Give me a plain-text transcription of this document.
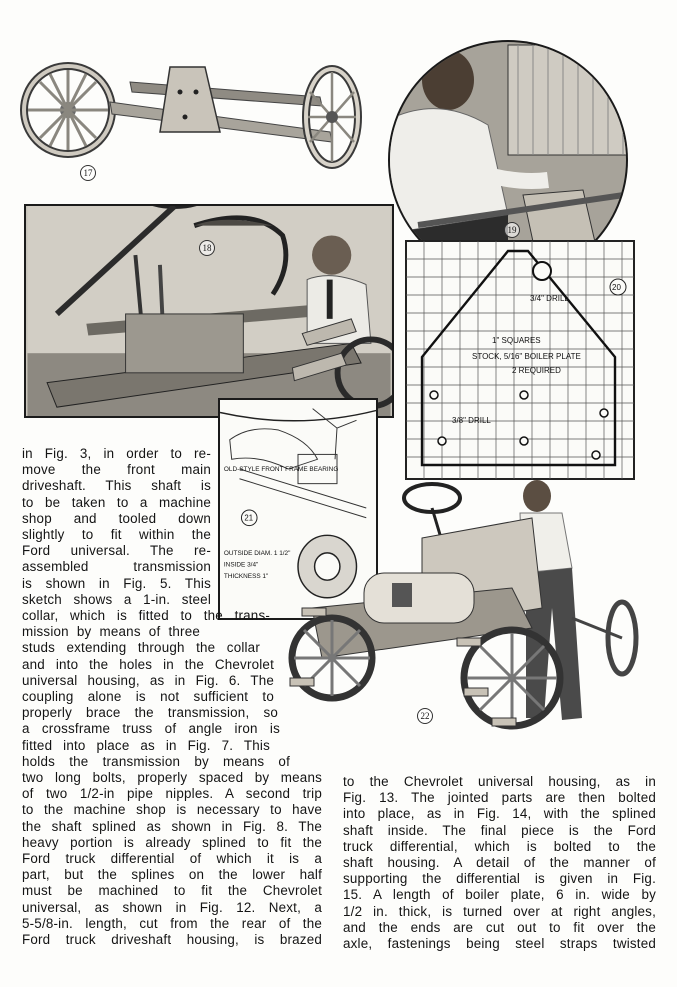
17
18
19
3/4" DRILL
1" SQUARES
STOCK, 5/16" BOILER PLATE
2 REQUIRED
3/8" DRILL
20
OLD-STYLE FRONT FRAME BEARING
OUTSIDE DIAM. 1 1/2"
INSIDE 3/4"
THICKNESS 1"
21
22
in Fig. 3, in order to re-
move the front main
driveshaft. This shaft is
to be taken to a machine
shop and tooled down
slightly to fit within the
Ford universal. The re-
assembled transmission
is shown in Fig. 5. This
sketch shows a 1-in. steel
collar, which is fitted to the trans-
mission by means of three
studs extending through the collar
and into the holes in the Chevrolet
universal housing, as in Fig. 6. The
coupling alone is not sufficient to
properly brace the transmission, so
a crossframe truss of angle iron is
fitted into place as in Fig. 7. This
holds the transmission by means of
two long bolts, properly spaced by means
of two 1/2-in pipe nipples. A second trip
to the machine shop is necessary to have
the shaft splined as shown in Fig. 8. The
heavy portion is already splined to fit the
Ford truck differential of which it is a
part, but the splines on the lower half
must be machined to fit the Chevrolet
universal, as shown in Fig. 12. Next, a
5-5/8-in. length, cut from the rear of the
Ford truck driveshaft housing, is brazed
to the Chevrolet universal housing, as in
Fig. 13. The jointed parts are then bolted
into place, as in Fig. 14, with the splined
shaft inside. The final piece is the Ford
truck differential, which is bolted to the
shaft housing. A detail of the manner of
supporting the differential is given in Fig.
15. A length of boiler plate, 6 in. wide by
1/2 in. thick, is turned over at right angles,
and the ends are cut out to fit over the
axle, fastenings being steel straps twisted
